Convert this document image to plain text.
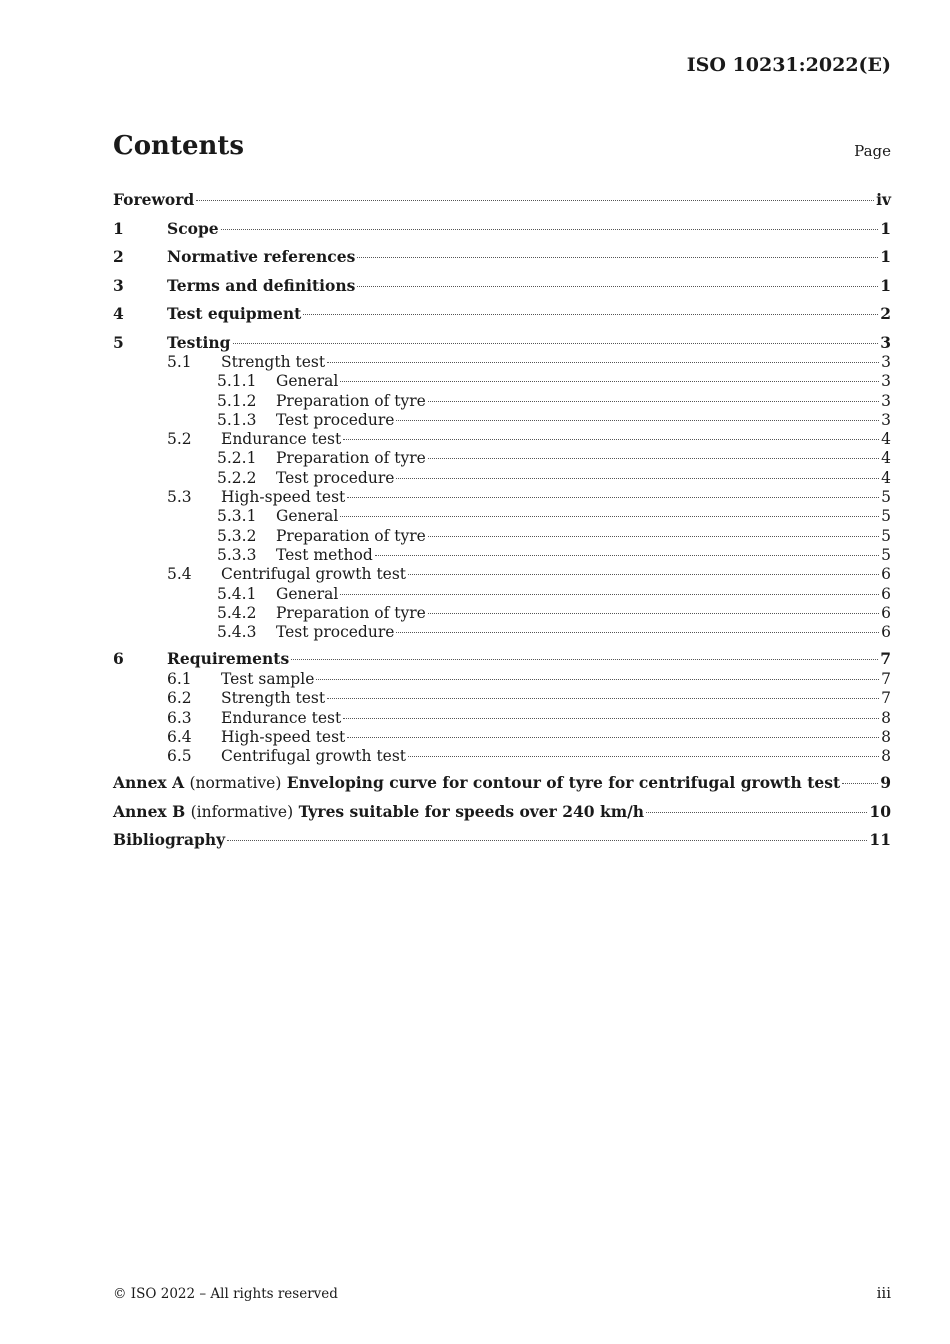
ISO 10231:2022(E)
Contents	Page
Foreword	iv
1	Scope	1
2	Normative references	1
3	Terms and definitions	1
4	Test equipment	2
5	Testing	3
5.1	Strength test	3
5.1.1	General	3
5.1.2	Preparation of tyre	3
5.1.3	Test procedure	3
5.2	Endurance test	4
5.2.1	Preparation of tyre	4
5.2.2	Test procedure	4
5.3	High-speed test	5
5.3.1	General	5
5.3.2	Preparation of tyre	5
5.3.3	Test method	5
5.4	Centrifugal growth test	6
5.4.1	General	6
5.4.2	Preparation of tyre	6
5.4.3	Test procedure	6
6	Requirements	7
6.1	Test sample	7
6.2	Strength test	7
6.3	Endurance test	8
6.4	High-speed test	8
6.5	Centrifugal growth test	8
Annex A (normative) Enveloping curve for contour of tyre for centrifugal growth test	9
Annex B (informative) Tyres suitable for speeds over 240 km/h	10
Bibliography	11
© ISO 2022 – All rights reserved	iii
